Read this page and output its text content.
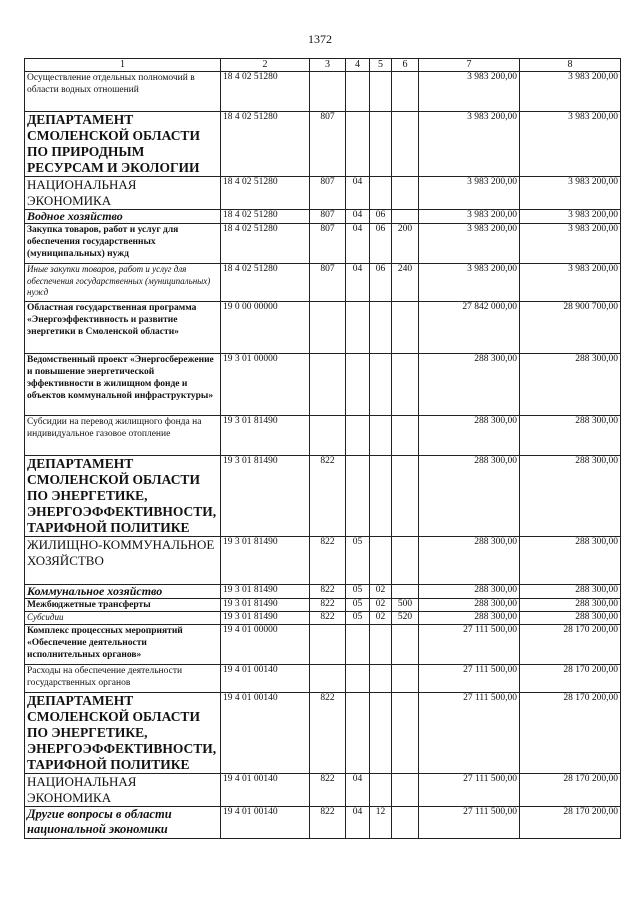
1372
1	2	3	4	5	6	7	8
Осуществление отдельных полномочий в области водных отношений	18 4 02 51280					3 983 200,00	3 983 200,00
ДЕПАРТАМЕНТ СМОЛЕНСКОЙ ОБЛАСТИ ПО ПРИРОДНЫМ РЕСУРСАМ И ЭКОЛОГИИ	18 4 02 51280	807				3 983 200,00	3 983 200,00
НАЦИОНАЛЬНАЯ ЭКОНОМИКА	18 4 02 51280	807	04			3 983 200,00	3 983 200,00
Водное хозяйство	18 4 02 51280	807	04	06		3 983 200,00	3 983 200,00
Закупка товаров, работ и услуг для обеспечения государственных (муниципальных) нужд	18 4 02 51280	807	04	06	200	3 983 200,00	3 983 200,00
Иные закупки товаров, работ и услуг для обеспечения государственных (муниципальных) нужд	18 4 02 51280	807	04	06	240	3 983 200,00	3 983 200,00
Областная государственная программа «Энергоэффективность и развитие энергетики в Смоленской области»	19 0 00 00000					27 842 000,00	28 900 700,00
Ведомственный проект «Энергосбережение и повышение энергетической эффективности в жилищном фонде и объектов коммунальной инфраструктуры»	19 3 01 00000					288 300,00	288 300,00
Субсидии на перевод жилищного фонда на индивидуальное газовое отопление	19 3 01 81490					288 300,00	288 300,00
ДЕПАРТАМЕНТ СМОЛЕНСКОЙ ОБЛАСТИ ПО ЭНЕРГЕТИКЕ, ЭНЕРГОЭФФЕКТИВНОСТИ, ТАРИФНОЙ ПОЛИТИКЕ	19 3 01 81490	822				288 300,00	288 300,00
ЖИЛИЩНО-КОММУНАЛЬНОЕ ХОЗЯЙСТВО	19 3 01 81490	822	05			288 300,00	288 300,00
Коммунальное хозяйство	19 3 01 81490	822	05	02		288 300,00	288 300,00
Межбюджетные трансферты	19 3 01 81490	822	05	02	500	288 300,00	288 300,00
Субсидии	19 3 01 81490	822	05	02	520	288 300,00	288 300,00
Комплекс процессных мероприятий «Обеспечение деятельности исполнительных органов»	19 4 01 00000					27 111 500,00	28 170 200,00
Расходы на обеспечение деятельности государственных органов	19 4 01 00140					27 111 500,00	28 170 200,00
ДЕПАРТАМЕНТ СМОЛЕНСКОЙ ОБЛАСТИ ПО ЭНЕРГЕТИКЕ, ЭНЕРГОЭФФЕКТИВНОСТИ, ТАРИФНОЙ ПОЛИТИКЕ	19 4 01 00140	822				27 111 500,00	28 170 200,00
НАЦИОНАЛЬНАЯ ЭКОНОМИКА	19 4 01 00140	822	04			27 111 500,00	28 170 200,00
Другие вопросы в области национальной экономики	19 4 01 00140	822	04	12		27 111 500,00	28 170 200,00
